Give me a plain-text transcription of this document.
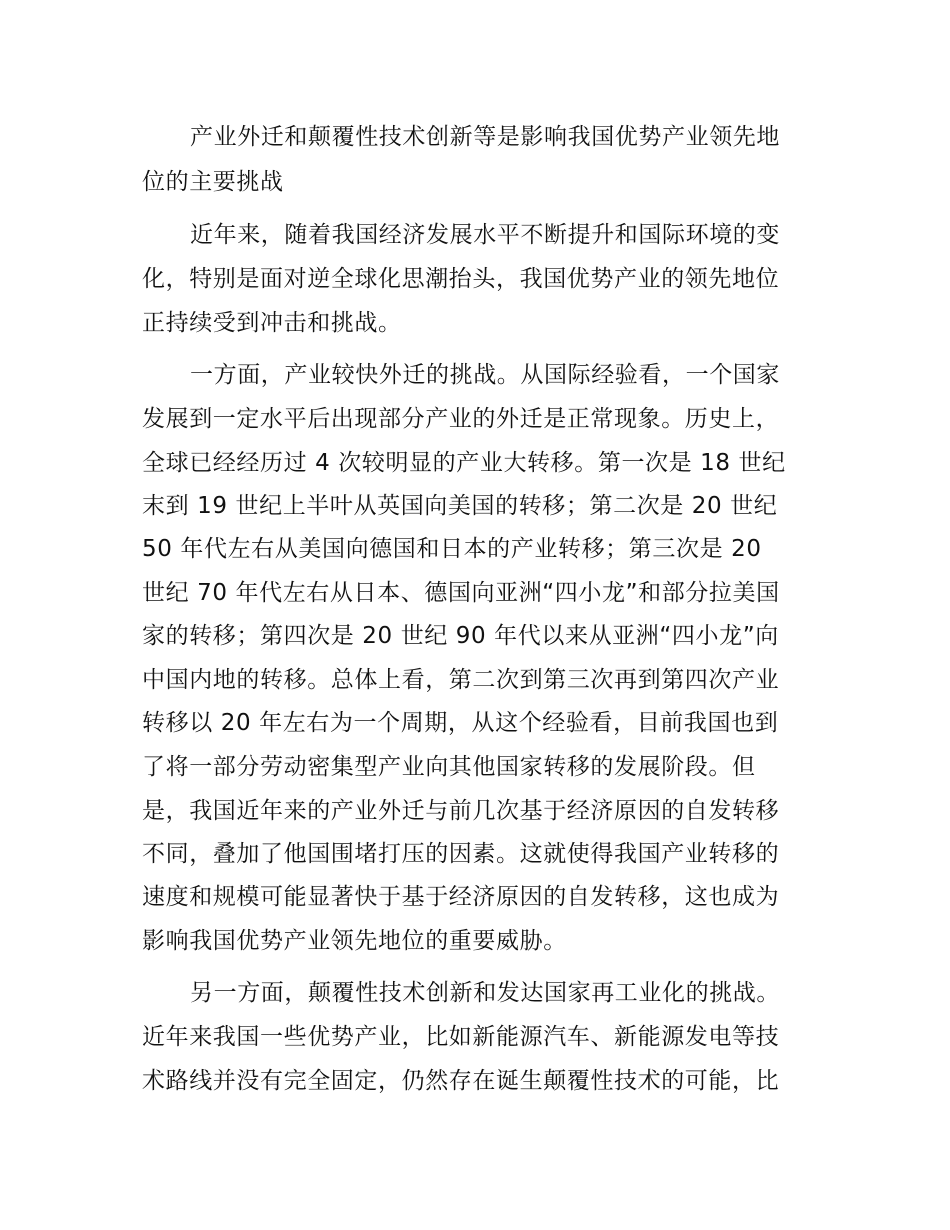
产业外迁和颠覆性技术创新等是影响我国优势产业领先地
位的主要挑战
近年来，随着我国经济发展水平不断提升和国际环境的变
化，特别是面对逆全球化思潮抬头，我国优势产业的领先地位
正持续受到冲击和挑战。
一方面，产业较快外迁的挑战。从国际经验看，一个国家
发展到一定水平后出现部分产业的外迁是正常现象。历史上，
全球已经经历过 4 次较明显的产业大转移。第一次是 18 世纪
末到 19 世纪上半叶从英国向美国的转移；第二次是 20 世纪
50 年代左右从美国向德国和日本的产业转移；第三次是 20
世纪 70 年代左右从日本、德国向亚洲“四小龙”和部分拉美国
家的转移；第四次是 20 世纪 90 年代以来从亚洲“四小龙”向
中国内地的转移。总体上看，第二次到第三次再到第四次产业
转移以 20 年左右为一个周期，从这个经验看，目前我国也到
了将一部分劳动密集型产业向其他国家转移的发展阶段。但
是，我国近年来的产业外迁与前几次基于经济原因的自发转移
不同，叠加了他国围堵打压的因素。这就使得我国产业转移的
速度和规模可能显著快于基于经济原因的自发转移，这也成为
影响我国优势产业领先地位的重要威胁。
另一方面，颠覆性技术创新和发达国家再工业化的挑战。
近年来我国一些优势产业，比如新能源汽车、新能源发电等技
术路线并没有完全固定，仍然存在诞生颠覆性技术的可能，比
